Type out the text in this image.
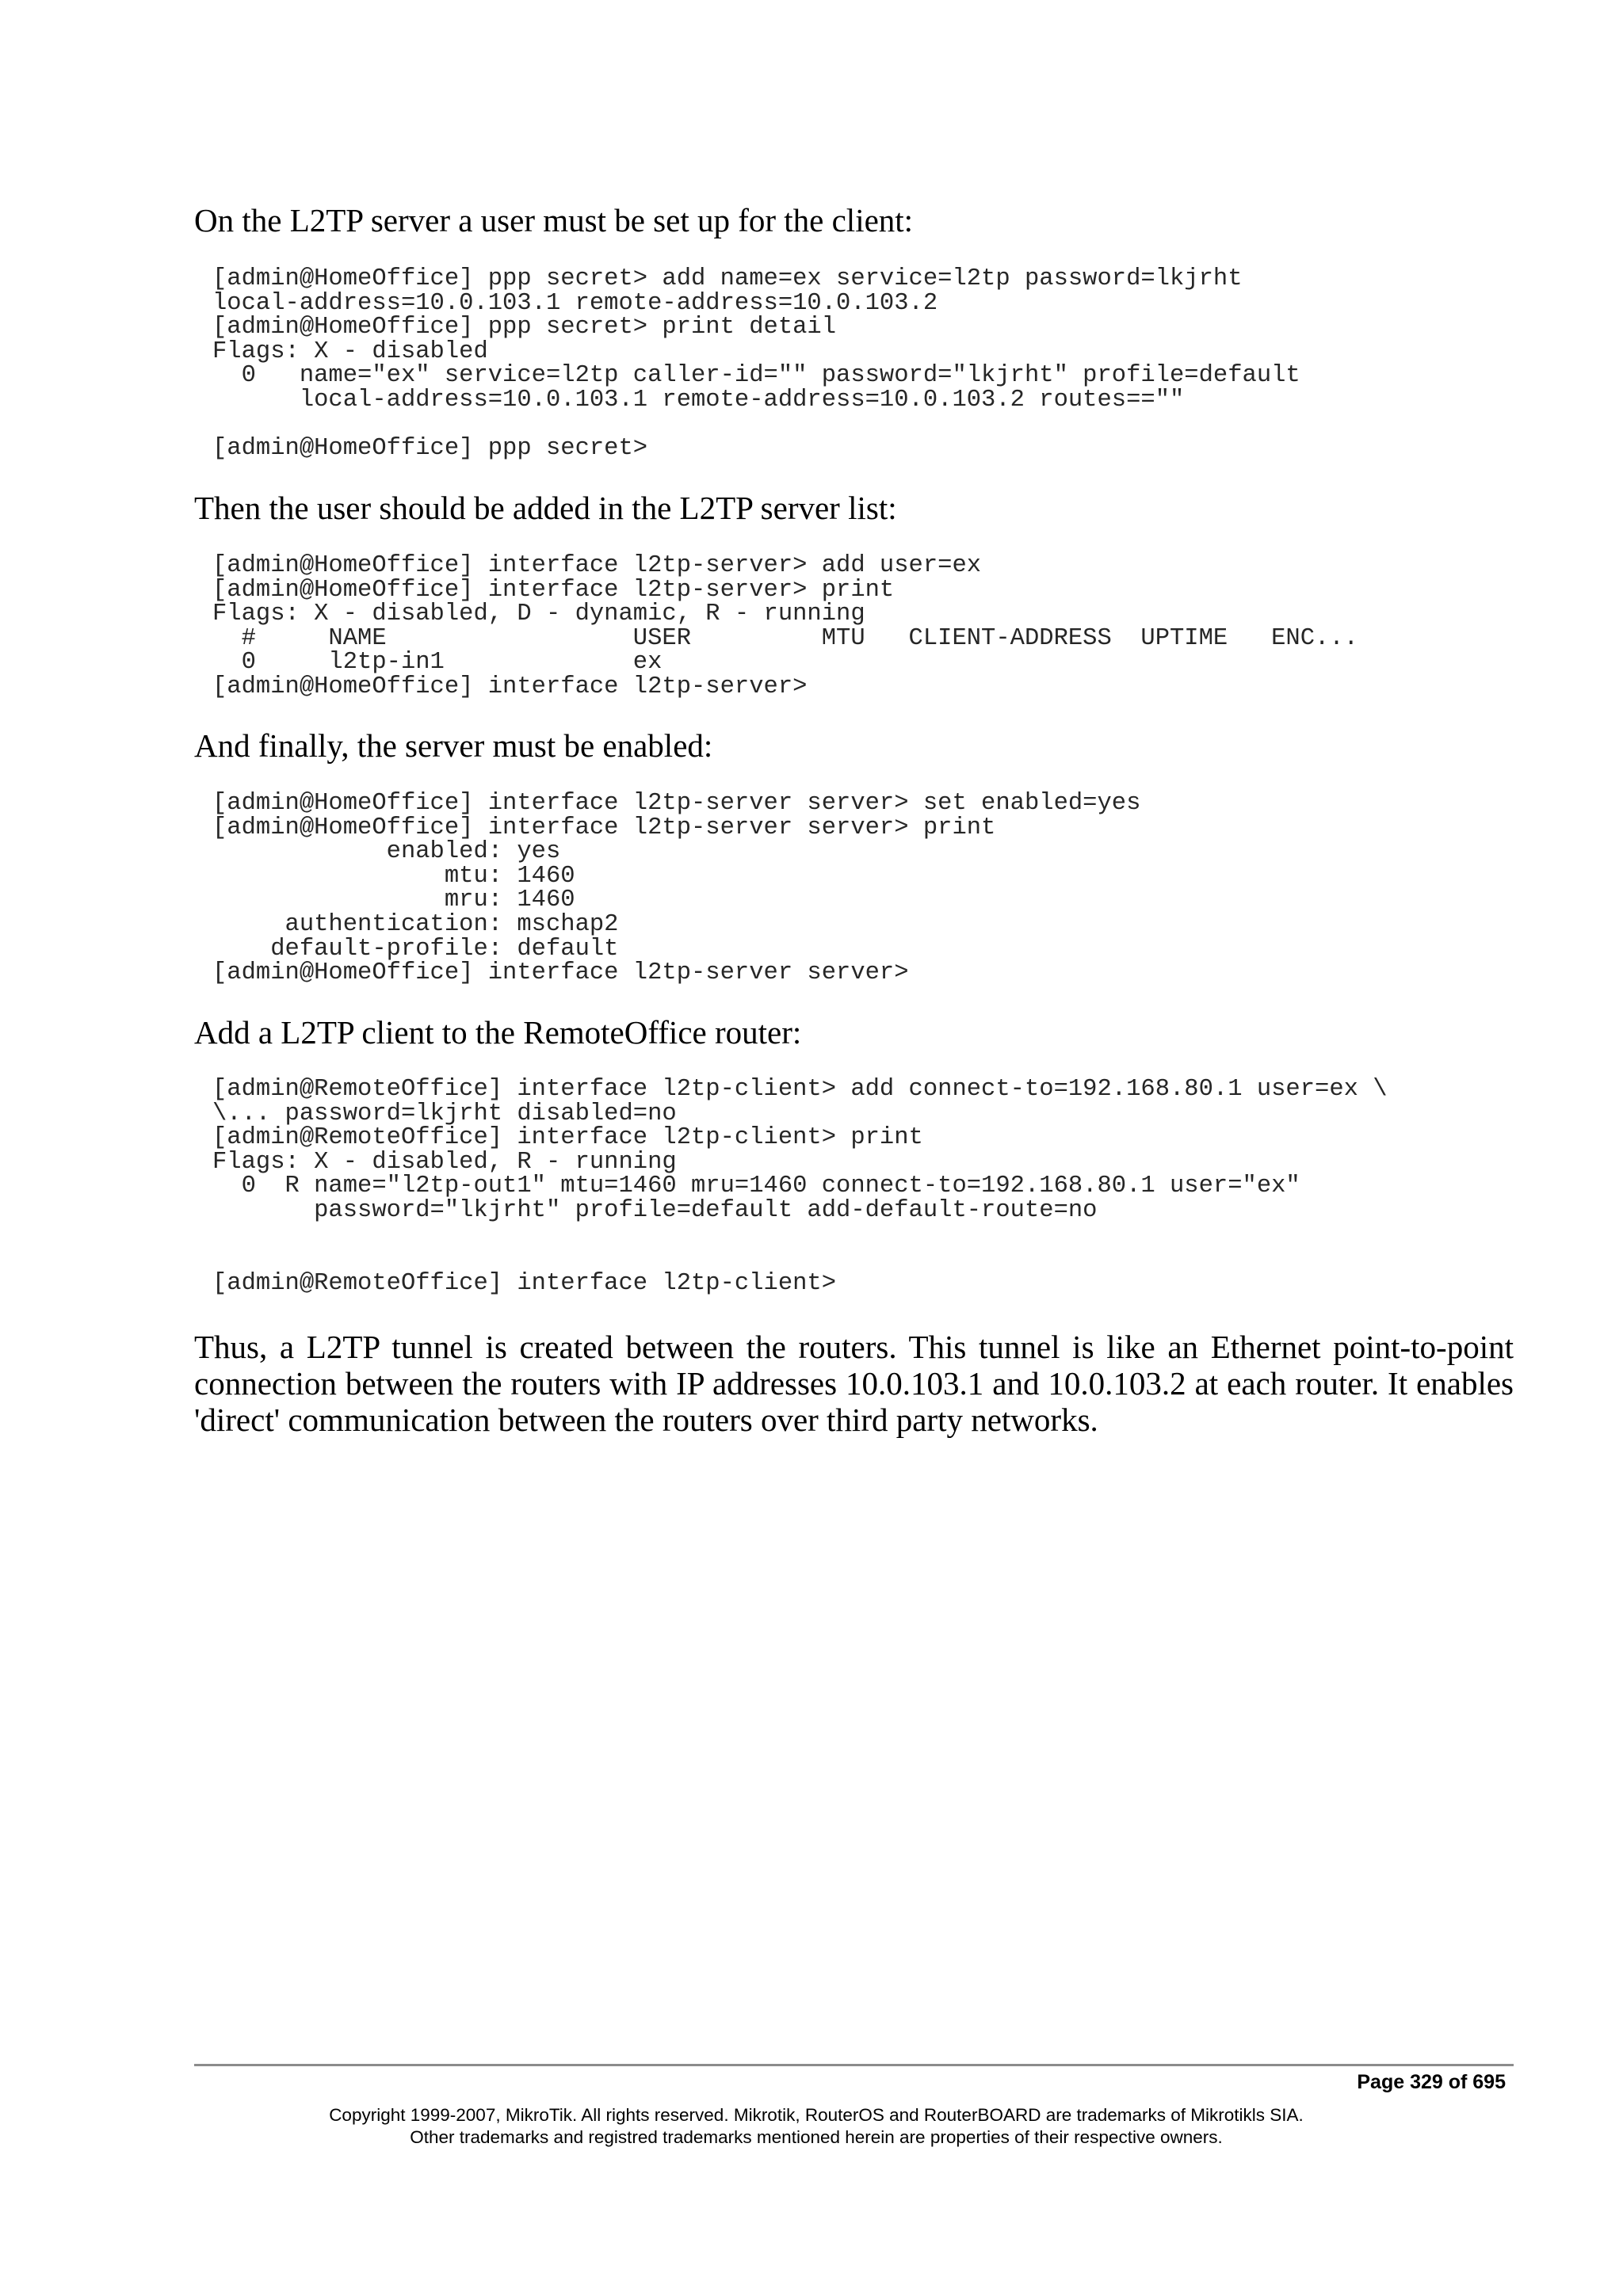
On the L2TP server a user must be set up for the client:

[admin@HomeOffice] ppp secret> add name=ex service=l2tp password=lkjrht
local-address=10.0.103.1 remote-address=10.0.103.2
[admin@HomeOffice] ppp secret> print detail
Flags: X - disabled
0   name="ex" service=l2tp caller-id="" password="lkjrht" profile=default
local-address=10.0.103.1 remote-address=10.0.103.2 routes==""

[admin@HomeOffice] ppp secret>

Then the user should be added in the L2TP server list:

[admin@HomeOffice] interface l2tp-server> add user=ex
[admin@HomeOffice] interface l2tp-server> print
Flags: X - disabled, D - dynamic, R - running
#     NAME                 USER         MTU   CLIENT-ADDRESS  UPTIME   ENC...
0     l2tp-in1             ex
[admin@HomeOffice] interface l2tp-server>

And finally, the server must be enabled:

[admin@HomeOffice] interface l2tp-server server> set enabled=yes
[admin@HomeOffice] interface l2tp-server server> print
enabled: yes
mtu: 1460
mru: 1460
authentication: mschap2
default-profile: default
[admin@HomeOffice] interface l2tp-server server>

Add a L2TP client to the RemoteOffice router:

[admin@RemoteOffice] interface l2tp-client> add connect-to=192.168.80.1 user=ex \
\... password=lkjrht disabled=no
[admin@RemoteOffice] interface l2tp-client> print
Flags: X - disabled, R - running
0  R name="l2tp-out1" mtu=1460 mru=1460 connect-to=192.168.80.1 user="ex"
password="lkjrht" profile=default add-default-route=no

[admin@RemoteOffice] interface l2tp-client>

Thus, a L2TP tunnel is created between the routers. This tunnel is like an Ethernet point-to-point connection between the routers with IP addresses 10.0.103.1 and 10.0.103.2 at each router. It enables 'direct' communication between the routers over third party networks.

Page 329 of 695
Copyright 1999-2007, MikroTik. All rights reserved. Mikrotik, RouterOS and RouterBOARD are trademarks of Mikrotikls SIA.
Other trademarks and registred trademarks mentioned herein are properties of their respective owners.
